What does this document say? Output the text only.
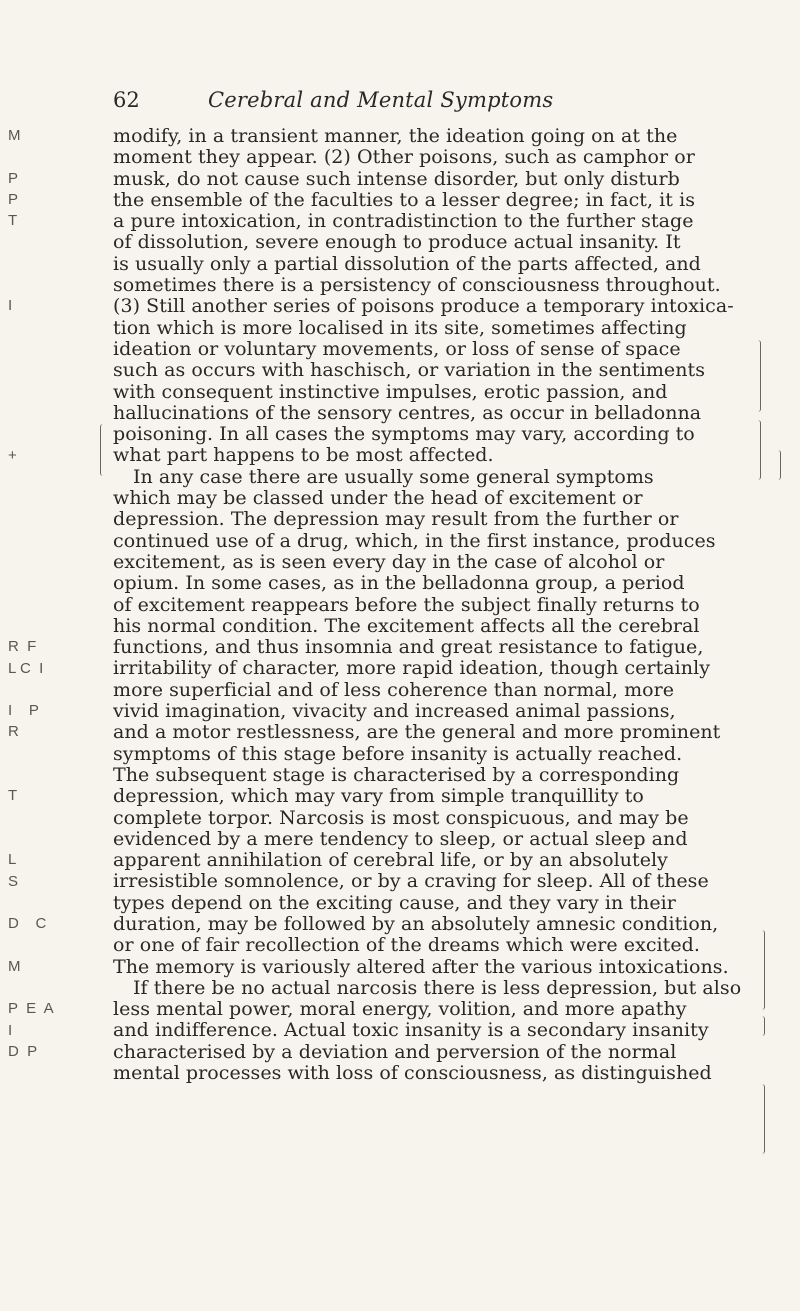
62	Cerebral and Mental Symptoms
modify, in a transient manner, the ideation going on at the
moment they appear. (2) Other poisons, such as camphor or
musk, do not cause such intense disorder, but only disturb
the ensemble of the faculties to a lesser degree; in fact, it is
a pure intoxication, in contradistinction to the further stage
of dissolution, severe enough to produce actual insanity. It
is usually only a partial dissolution of the parts affected, and
sometimes there is a persistency of consciousness throughout.
(3) Still another series of poisons produce a temporary intoxica-
tion which is more localised in its site, sometimes affecting
ideation or voluntary movements, or loss of sense of space
such as occurs with haschisch, or variation in the sentiments
with consequent instinctive impulses, erotic passion, and
hallucinations of the sensory centres, as occur in belladonna
poisoning. In all cases the symptoms may vary, according to
what part happens to be most affected.
In any case there are usually some general symptoms
which may be classed under the head of excitement or
depression. The depression may result from the further or
continued use of a drug, which, in the first instance, produces
excitement, as is seen every day in the case of alcohol or
opium. In some cases, as in the belladonna group, a period
of excitement reappears before the subject finally returns to
his normal condition. The excitement affects all the cerebral
functions, and thus insomnia and great resistance to fatigue,
irritability of character, more rapid ideation, though certainly
more superficial and of less coherence than normal, more
vivid imagination, vivacity and increased animal passions,
and a motor restlessness, are the general and more prominent
symptoms of this stage before insanity is actually reached.
The subsequent stage is characterised by a corresponding
depression, which may vary from simple tranquillity to
complete torpor. Narcosis is most conspicuous, and may be
evidenced by a mere tendency to sleep, or actual sleep and
apparent annihilation of cerebral life, or by an absolutely
irresistible somnolence, or by a craving for sleep. All of these
types depend on the exciting cause, and they vary in their
duration, may be followed by an absolutely amnesic condition,
or one of fair recollection of the dreams which were excited.
The memory is variously altered after the various intoxications.
If there be no actual narcosis there is less depression, but also
less mental power, moral energy, volition, and more apathy
and indifference. Actual toxic insanity is a secondary insanity
characterised by a deviation and perversion of the normal
mental processes with loss of consciousness, as distinguished
M
P
P
T
I
+
R  F
L C  I
I    P
R
T
L
S
D    C
M
P  E  A
I
D  P
